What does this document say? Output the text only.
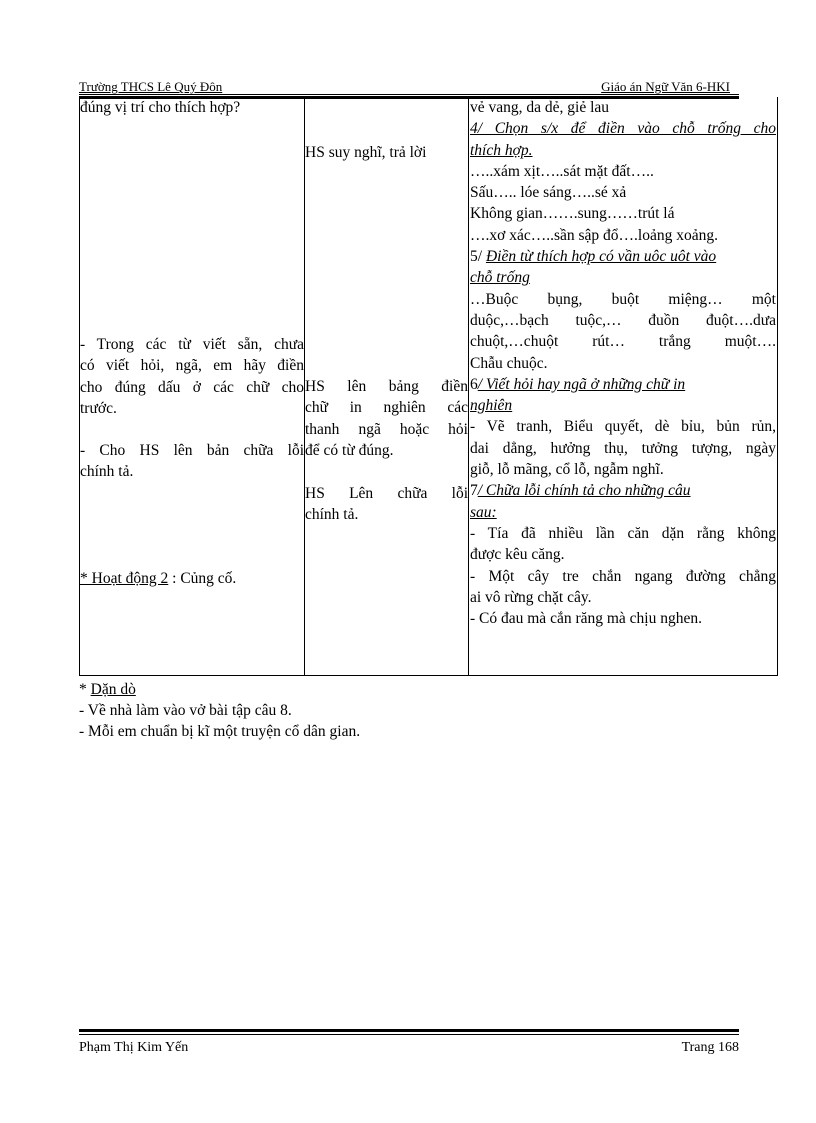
Trường THCS Lê Quý Đôn	Giáo án Ngữ Văn 6-HKI
đúng vị trí cho thích hợp?
- Trong các từ viết sẵn, chưa
có viết hỏi, ngã, em hãy điền
cho đúng dấu ở các chữ cho
trước.
- Cho HS lên bản chữa lỗi
chính tả.
* Hoạt động 2 : Củng cố.
HS suy nghĩ, trả lời
HS lên bảng điền
chữ in nghiên các
thanh ngã hoặc hỏi
để có từ đúng.
HS Lên chữa lỗi
chính tả.
vẻ vang, da dẻ, giẻ lau
4/ Chọn s/x để điền vào chỗ trống cho
thích hợp.
…..xám xịt…..sát mặt đất…..
Sấu….. lóe sáng…..sé xả
Không gian…….sung……trút lá
….xơ xác…..sần sập đổ….loảng xoảng.
5/ Điền từ thích hợp có vần uôc uôt vào
chỗ trống
…Buộc bụng, buột miệng… một
duộc,…bạch tuộc,… đuồn đuột….dưa
chuột,…chuột rút… trắng muột….
Chẫu chuộc.
6/ Viết hỏi hay ngã ở những chữ in
nghiên
- Vẽ tranh, Biểu quyết, dè bỉu, bủn rủn,
dai dẳng, hưởng thụ, tưởng tượng, ngày
giỗ, lỗ mãng, cổ lỗ, ngẫm nghĩ.
7/ Chữa lỗi chính tả cho những câu
sau:
- Tía đã nhiều lần căn dặn rằng không
được kêu căng.
- Một cây tre chắn ngang đường chẳng
ai vô rừng chặt cây.
- Có đau mà cắn răng mà chịu nghen.
* Dặn dò
- Về nhà làm vào vở bài tập câu 8.
- Mỗi em chuẩn bị kĩ một truyện cổ dân gian.
Phạm Thị Kim Yến	Trang 168
